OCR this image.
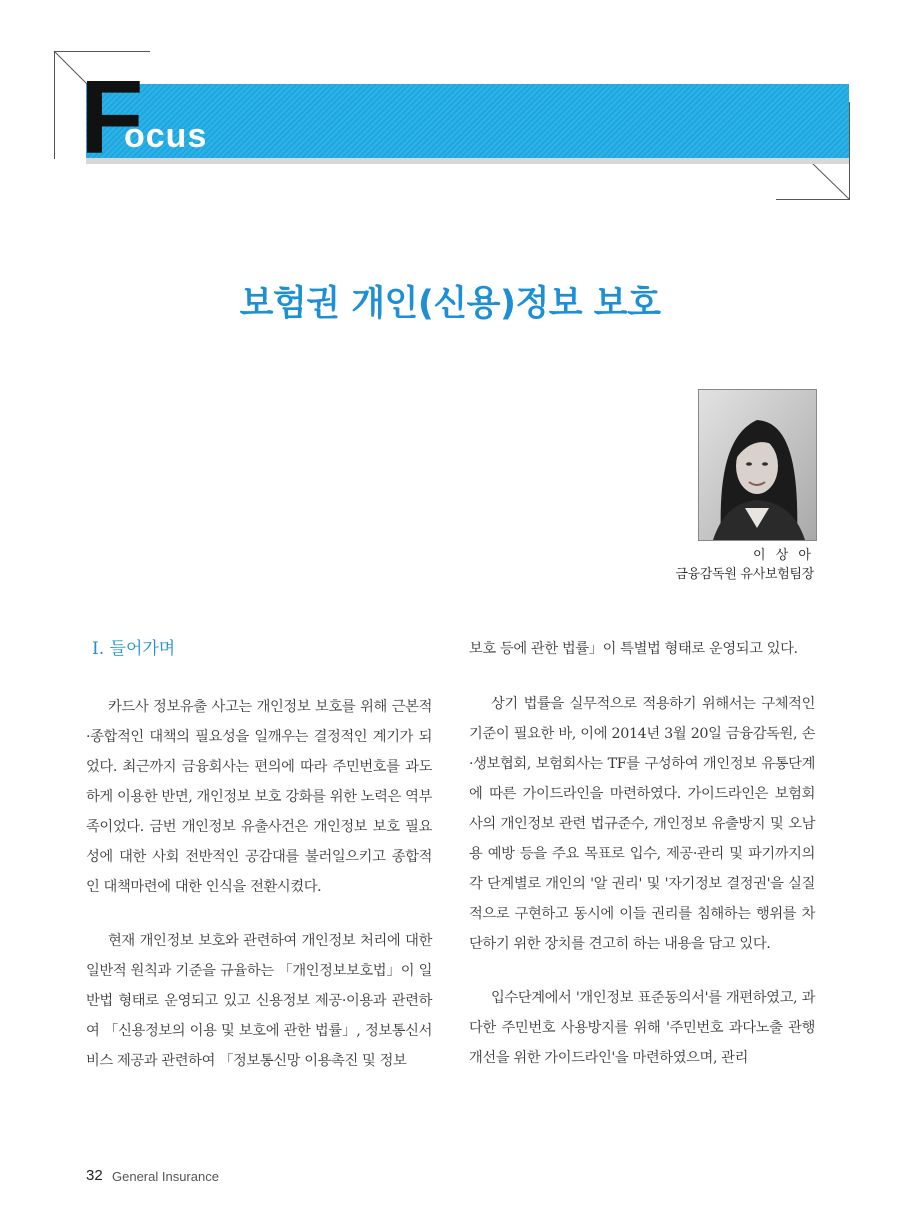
F
ocus
보험권 개인(신용)정보 보호
이 상 아
금융감독원 유사보험팀장
Ⅰ. 들어가며

카드사 정보유출 사고는 개인정보 보호를 위해 근본적·종합적인 대책의 필요성을 일깨우는 결정적인 계기가 되었다. 최근까지 금융회사는 편의에 따라 주민번호를 과도하게 이용한 반면, 개인정보 보호 강화를 위한 노력은 역부족이었다. 금번 개인정보 유출사건은 개인정보 보호 필요성에 대한 사회 전반적인 공감대를 불러일으키고 종합적인 대책마련에 대한 인식을 전환시켰다.

현재 개인정보 보호와 관련하여 개인정보 처리에 대한 일반적 원칙과 기준을 규율하는 「개인정보보호법」이 일반법 형태로 운영되고 있고 신용정보 제공·이용과 관련하여 「신용정보의 이용 및 보호에 관한 법률」, 정보통신서비스 제공과 관련하여 「정보통신망 이용촉진 및 정보

보호 등에 관한 법률」이 특별법 형태로 운영되고 있다.

상기 법률을 실무적으로 적용하기 위해서는 구체적인 기준이 필요한 바, 이에 2014년 3월 20일 금융감독원, 손·생보협회, 보험회사는 TF를 구성하여 개인정보 유통단계에 따른 가이드라인을 마련하였다. 가이드라인은 보험회사의 개인정보 관련 법규준수, 개인정보 유출방지 및 오남용 예방 등을 주요 목표로 입수, 제공·관리 및 파기까지의 각 단계별로 개인의 '알 권리' 및 '자기정보 결정권'을 실질적으로 구현하고 동시에 이들 권리를 침해하는 행위를 차단하기 위한 장치를 견고히 하는 내용을 담고 있다.

입수단계에서 '개인정보 표준동의서'를 개편하였고, 과다한 주민번호 사용방지를 위해 '주민번호 과다노출 관행 개선을 위한 가이드라인'을 마련하였으며, 관리

32 General Insurance
